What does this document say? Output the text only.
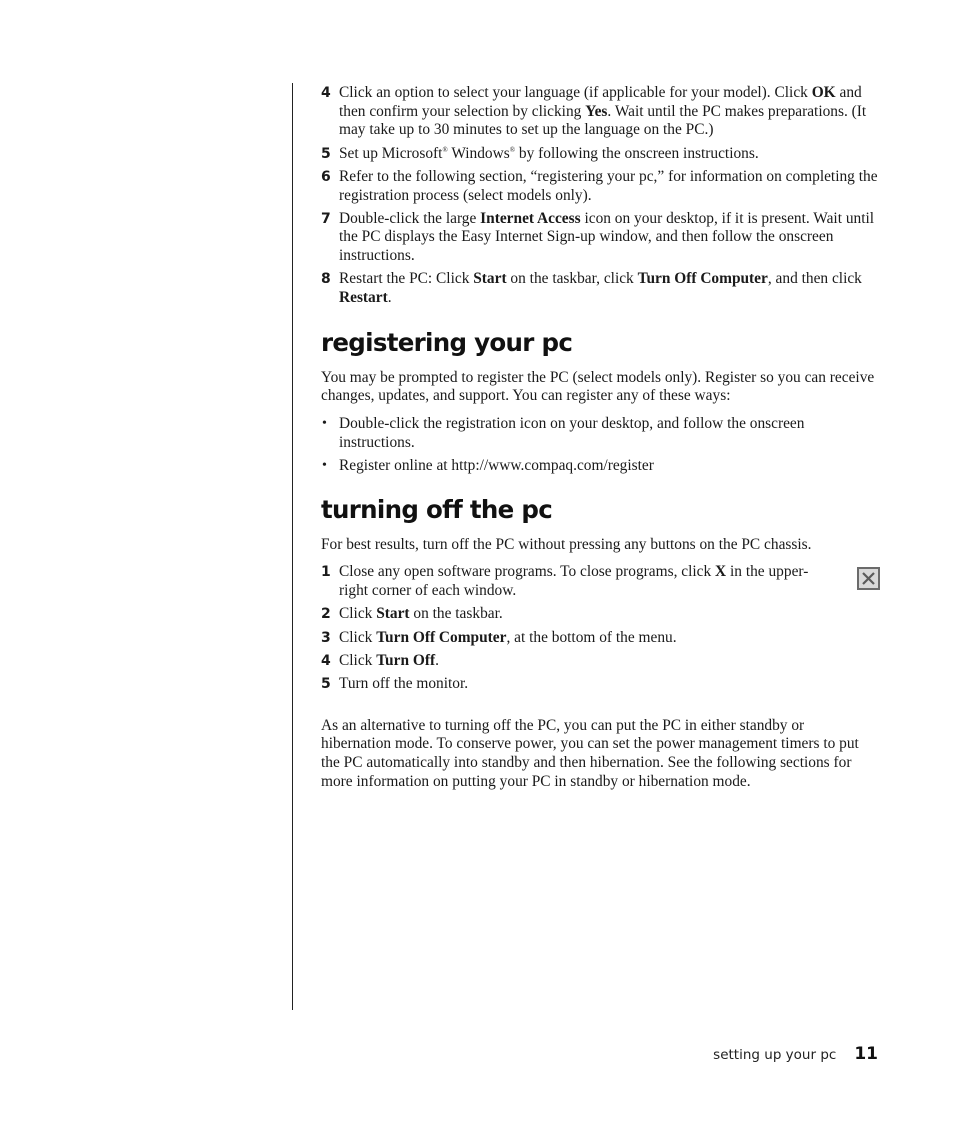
4 Click an option to select your language (if applicable for your model). Click OK and then confirm your selection by clicking Yes. Wait until the PC makes preparations. (It may take up to 30 minutes to set up the language on the PC.)
5 Set up Microsoft® Windows® by following the onscreen instructions.
6 Refer to the following section, “registering your pc,” for information on completing the registration process (select models only).
7 Double-click the large Internet Access icon on your desktop, if it is present. Wait until the PC displays the Easy Internet Sign-up window, and then follow the onscreen instructions.
8 Restart the PC: Click Start on the taskbar, click Turn Off Computer, and then click Restart.
registering your pc

You may be prompted to register the PC (select models only). Register so you can receive changes, updates, and support. You can register any of these ways:

• Double-click the registration icon on your desktop, and follow the onscreen instructions.
• Register online at http://www.compaq.com/register
turning off the pc

For best results, turn off the PC without pressing any buttons on the PC chassis.

1 Close any open software programs. To close programs, click X in the upper-right corner of each window.
2 Click Start on the taskbar.
3 Click Turn Off Computer, at the bottom of the menu.
4 Click Turn Off.
5 Turn off the monitor.

As an alternative to turning off the PC, you can put the PC in either standby or hibernation mode. To conserve power, you can set the power management timers to put the PC automatically into standby and then hibernation. See the following sections for more information on putting your PC in standby or hibernation mode.

setting up your pc 11
